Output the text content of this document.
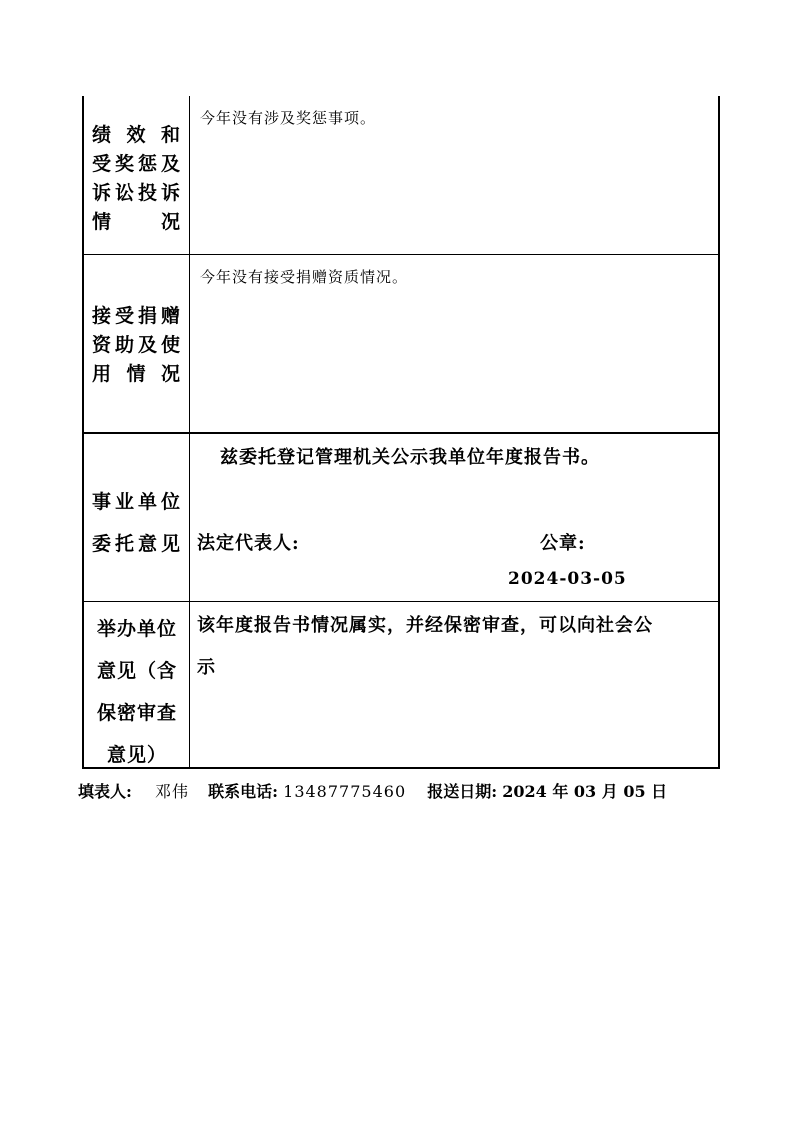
绩 效 和
受奖惩及
诉讼投诉
情 况
今年没有涉及奖惩事项。
接受捐赠
资助及使
用 情 况
今年没有接受捐赠资质情况。
事业单位
委托意见
兹委托登记管理机关公示我单位年度报告书。
法定代表人:	公章:
2024-03-05
举办单位
意见（含
保密审查
意见）
该年度报告书情况属实，并经保密审查，可以向社会公
示
填表人: 邓伟 联系电话: 13487775460 报送日期: 2024 年 03 月 05 日
